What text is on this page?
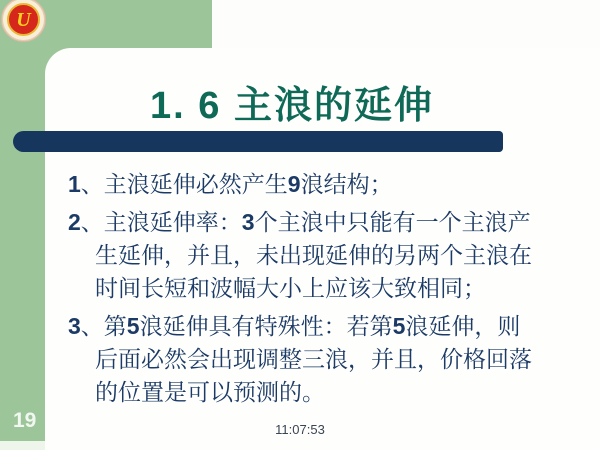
U
1. 6 主浪的延伸
1、主浪延伸必然产生9浪结构；
2、主浪延伸率：3个主浪中只能有一个主浪产生延伸，并且，未出现延伸的另两个主浪在时间长短和波幅大小上应该大致相同；
3、第5浪延伸具有特殊性：若第5浪延伸，则后面必然会出现调整三浪，并且，价格回落的位置是可以预测的。
19	11:07:53
